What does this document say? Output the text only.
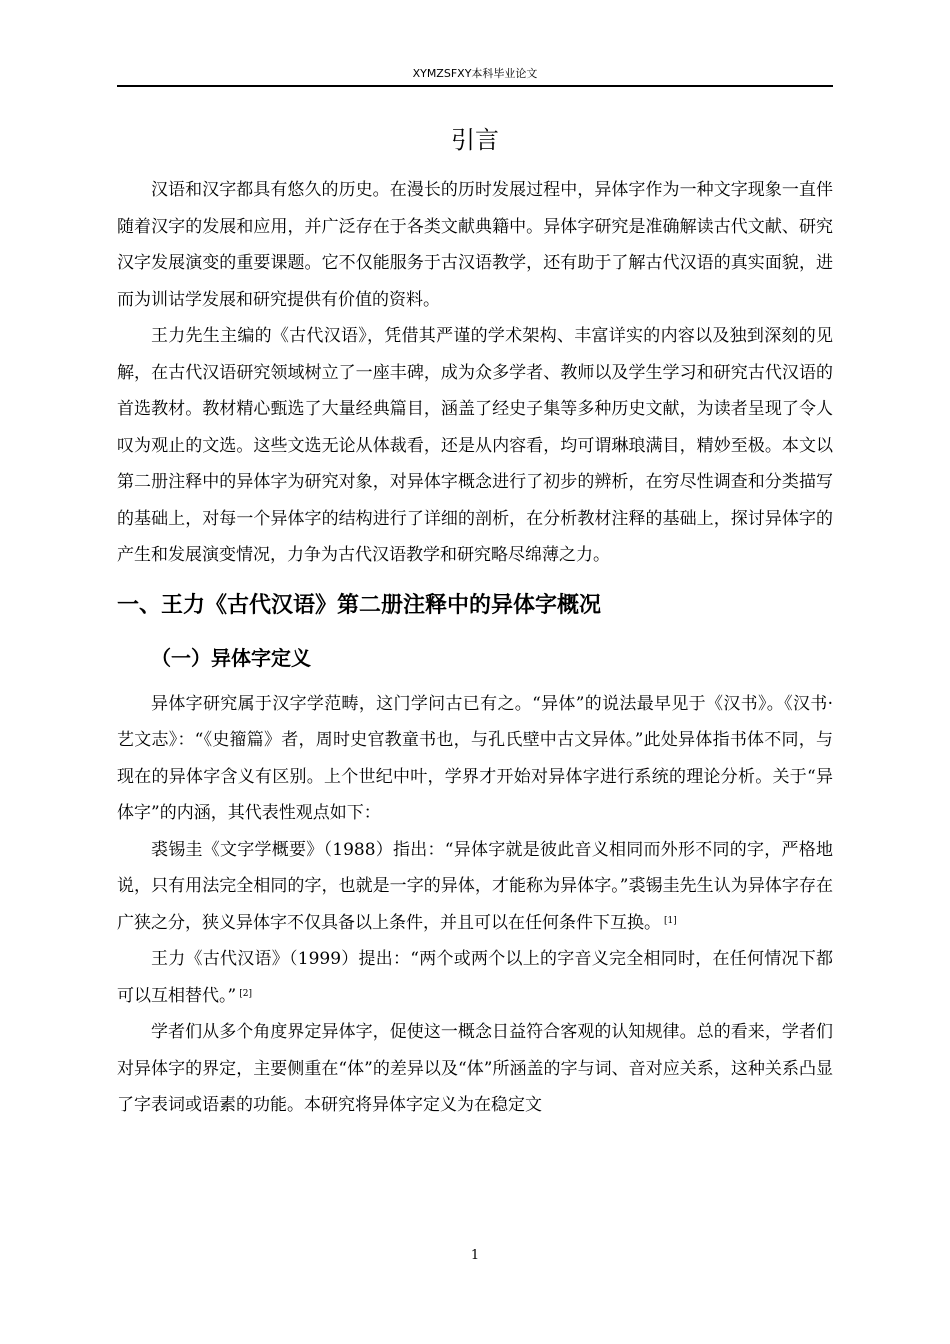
XYMZSFXY本科毕业论文
引言

汉语和汉字都具有悠久的历史。在漫长的历时发展过程中，异体字作为一种文字现象一直伴随着汉字的发展和应用，并广泛存在于各类文献典籍中。异体字研究是准确解读古代文献、研究汉字发展演变的重要课题。它不仅能服务于古汉语教学，还有助于了解古代汉语的真实面貌，进而为训诂学发展和研究提供有价值的资料。

王力先生主编的《古代汉语》，凭借其严谨的学术架构、丰富详实的内容以及独到深刻的见解，在古代汉语研究领域树立了一座丰碑，成为众多学者、教师以及学生学习和研究古代汉语的首选教材。教材精心甄选了大量经典篇目，涵盖了经史子集等多种历史文献，为读者呈现了令人叹为观止的文选。这些文选无论从体裁看，还是从内容看，均可谓琳琅满目，精妙至极。本文以第二册注释中的异体字为研究对象，对异体字概念进行了初步的辨析，在穷尽性调查和分类描写的基础上，对每一个异体字的结构进行了详细的剖析，在分析教材注释的基础上，探讨异体字的产生和发展演变情况，力争为古代汉语教学和研究略尽绵薄之力。

一、王力《古代汉语》第二册注释中的异体字概况
（一）异体字定义

异体字研究属于汉字学范畴，这门学问古已有之。“异体”的说法最早见于《汉书》。《汉书·艺文志》：“《史籀篇》者，周时史官教童书也，与孔氏壁中古文异体。”此处异体指书体不同，与现在的异体字含义有区别。上个世纪中叶，学界才开始对异体字进行系统的理论分析。关于“异体字”的内涵，其代表性观点如下：

裘锡圭《文字学概要》（1988）指出：“异体字就是彼此音义相同而外形不同的字，严格地说，只有用法完全相同的字，也就是一字的异体，才能称为异体字。”裘锡圭先生认为异体字存在广狭之分，狭义异体字不仅具备以上条件，并且可以在任何条件下互换。 [1]

王力《古代汉语》（1999）提出：“两个或两个以上的字音义完全相同时，在任何情况下都可以互相替代。” [2]

学者们从多个角度界定异体字，促使这一概念日益符合客观的认知规律。总的看来，学者们对异体字的界定，主要侧重在“体”的差异以及“体”所涵盖的字与词、音对应关系，这种关系凸显了字表词或语素的功能。本研究将异体字定义为在稳定文

1
